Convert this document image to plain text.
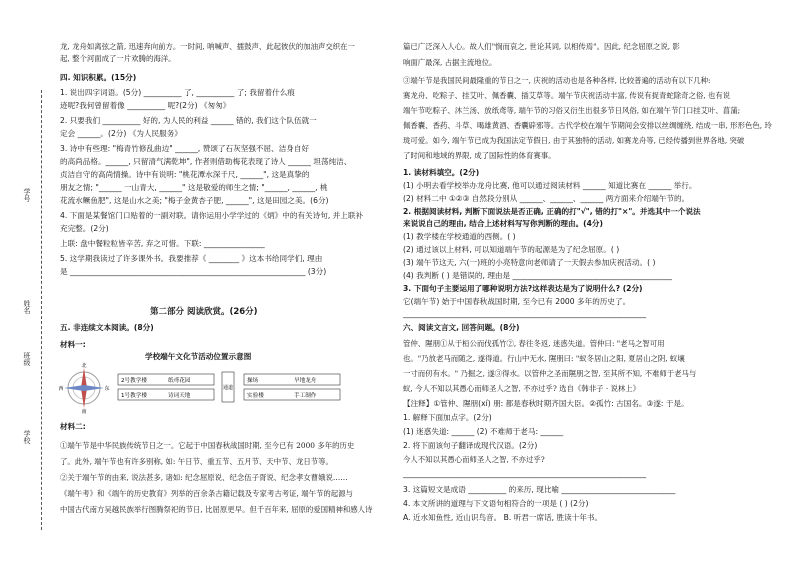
学号
姓名
班级
学校
龙, 龙舟如离弦之箭, 迅速奔向前方。一时间, 呐喊声、擂鼓声、此起彼伏的加油声交织在一
起, 整个河面成了一片欢腾的海洋。
四. 知识积累。(15分)
1. 说出四字词语。(5分) __________ 了, __________ 了; 我留着什么痕
迹呢?我何曾留着像 __________ 呢?(2分) 《匆匆》
2. 只要我们 __________ 好的, 为人民的利益 ______ 错的, 我们这个队伍就一
定会 ______。(2分) 《为人民服务》
3. 诗中有些理: "梅青竹修乱曲边" ______, 赞颂了石灰坚强不屈、洁身自好
的高尚品格。______, 只留清气满乾坤", 作者则借助梅花表现了诗人 ______ 坦荡纯洁、
贞洁自守的高尚情操。诗中有说明: "桃花潭水深千尺, ______", 这是真挚的
朋友之情; "______ 一山青大, ______" 这是敬爱的师生之情; "______, ______, 桃
花流水鳜鱼肥", 这是山水之美; "梅子金黄杏子肥, ______", 这是田园之美。(6分)
4. 下面是某餐馆门口贴着的一副对联。请你运用小学学过的《炳》中的有关诗句, 并上联补
充完整。(2分)
上联: 盘中餐粒粒皆辛苦, 弃之可惜。下联: ________________
5. 这学期我读过了许多课外书。我要推荐《 ________ 》这本书给同学们, 理由
是 ______________________________________________________________ (3分)
第二部分 阅读欣赏。(26分)
五. 非连续文本阅读。(8分)
材料一:
学校端午文化节活动位置示意图
北
南
东
西
2号教学楼	纸鸢花园
1号教学楼	诗词天地
通道
操场	旱地龙舟
实验楼	手工制作
材料二:
①端午节是中华民族传统节日之一。它起于中国春秋战国时期, 至今已有 2000 多年的历史
了。此外, 端午节也有许多别称, 如: 午日节、重五节、五月节、天中节、龙日节等。
②关于端午节的由来, 说法甚多, 诸如: 纪念屈原说、纪念伍子胥说、纪念孝女曹娥说……
《端午考》和《端午的历史教育》列举的百余条古籍记载及专家考古考证, 端午节的起源与
中国古代南方吴越民族举行图腾祭祀的节日, 比屈原更早。但千百年来, 屈原的爱国精神和感人诗
篇已广泛深入人心。故人们"悯而哀之, 世论其词, 以相传焉"。因此, 纪念屈原之说, 影
响面广最深, 占据主流地位。
③端午节是我国民间最隆重的节日之一, 庆祝的活动也是各种各样, 比较普遍的活动有以下几种:
赛龙舟、吃粽子、挂艾叶、佩香囊、插艾草等。端午节庆祝活动丰富, 传说有捉青蛇除奇之俗, 也有说
端午节吃粽子、沐兰汤、放纸鸢等, 端午节的习俗又衍生出很多节日风俗, 如在端午节门口挂艾叶、菖蒲;
佩香囊、香药、斗草、喝雄黄酒、香囊辟邪等。古代学校在端午节期间会安排以丝绸缠绕, 结成一串, 形形色色, 玲
珑可爱。如今, 端午节已成为我国法定节假日, 由于其独特的活动, 如赛龙舟等, 已经传播到世界各地, 突破
了时间和地域的界限, 成了国际性的体育赛事。
1. 读材料填空。(2分)
(1) 小明去看学校举办龙舟比赛, 他可以通过阅读材料 ______ 知道比赛在 ______ 举行。
(2) 材料二中 ①②③ 自然段分别从 ______、______、______ 两方面来介绍端午节的。
2. 根据阅读材料, 判断下面说法是否正确, 正确的打"√", 错的打"×"。并选其中一个说法
来说说自己的理由, 结合上述材料写写你判断的理由。(4分)
(1) 教学楼在学校通道的西侧。( )
(2) 通过该以上材料, 可以知道端午节的起源是为了纪念屈原。( )
(3) 端午节这天, 六(一)班的小亮特意向老师请了一天假去参加庆祝活动。( )
(4) 我判断 ( ) 是错误的, 理由是 __________________________________________
3. 下面句子主要运用了哪种说明方法?这样表达是为了说明什么? (2分)
它(端午节) 始于中国春秋战国时期, 至今已有 2000 多年的历史了。
________________________________________________________________
六、阅读文言文, 回答问题。(8分)
管仲、隰朋①从于桓公而伐孤竹②, 春往冬返, 迷惑失道。管仲曰: "老马之智可用
也。"乃放老马而随之, 遂得道。行山中无水, 隰朋曰: "蚁冬居山之阳, 夏居山之阴, 蚁壤
一寸而仞有水。" 乃掘之, 遂③得水。以管仲之圣而隰朋之智, 至其所不知, 不难师于老马与
蚁, 今人不知以其愚心而师圣人之智, 不亦过乎? 选自《韩非子 · 说林上》
【注释】①管仲、隰朋(xí) 朋: 都是春秋时期齐国大臣。②孤竹: 古国名。③遂: 于是。
1. 解释下面加点字。(2分)
(1) 迷惑失道: ______ (2) 不难师于老马: ______
2. 将下面该句子翻译成现代汉语。(2分)
今人不知以其愚心而师圣人之智, 不亦过乎?
________________________________________________________________
3. 这篇短文是成语 __________ 的来历, 现比喻 ______________________________
4. 本文所讲的道理与下文语句相符合的一项是 ( ) (2分)
A. 近水知鱼性, 近山识鸟音。 B. 听君一席话, 胜读十年书。
